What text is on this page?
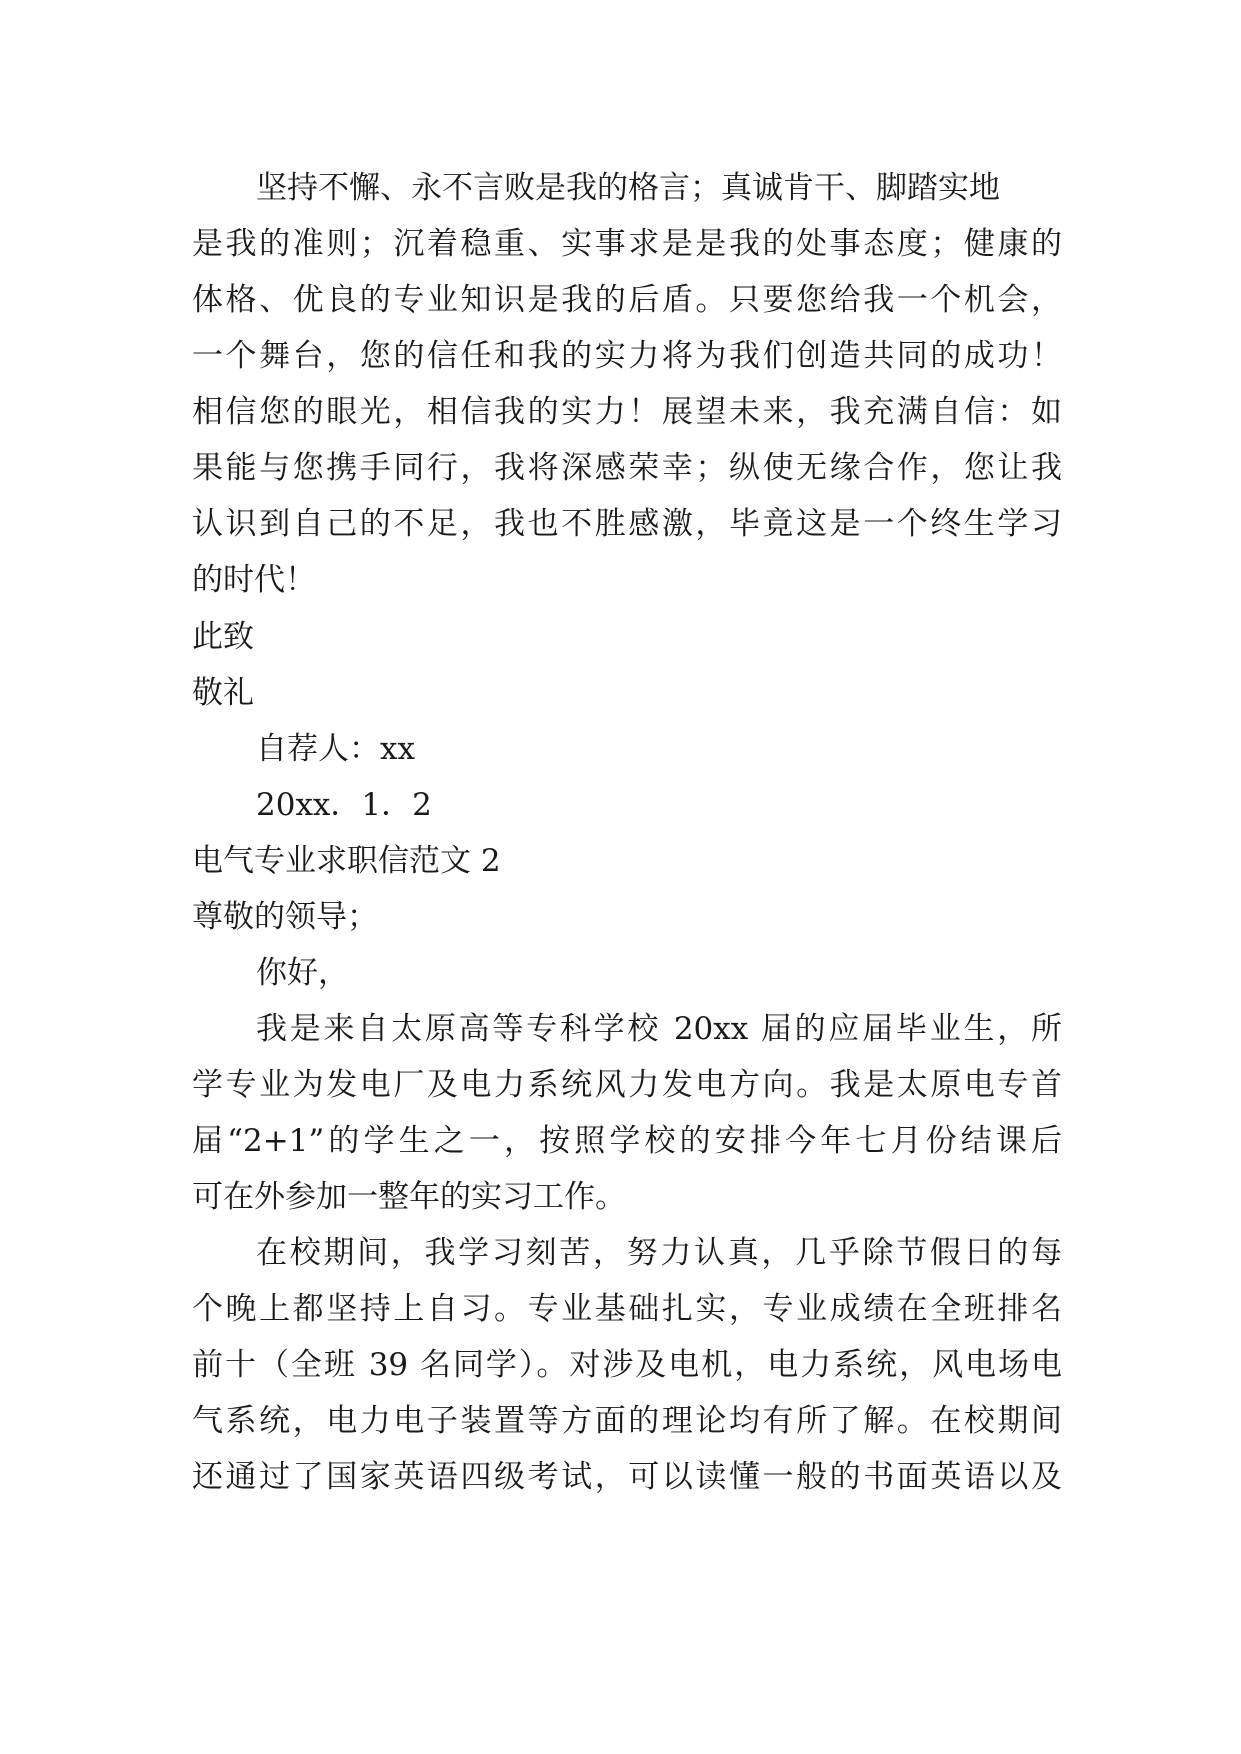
坚持不懈、永不言败是我的格言；真诚肯干、脚踏实地
是我的准则；沉着稳重、实事求是是我的处事态度；健康的
体格、优良的专业知识是我的后盾。只要您给我一个机会，
一个舞台，您的信任和我的实力将为我们创造共同的成功！
相信您的眼光，相信我的实力！展望未来，我充满自信：如
果能与您携手同行，我将深感荣幸；纵使无缘合作，您让我
认识到自己的不足，我也不胜感激，毕竟这是一个终生学习
的时代！
此致
敬礼
自荐人：xx
20xx．1．2
电气专业求职信范文 2
尊敬的领导；
你好，
我是来自太原高等专科学校 20xx 届的应届毕业生，所
学专业为发电厂及电力系统风力发电方向。我是太原电专首
届“2+1”的学生之一，按照学校的安排今年七月份结课后
可在外参加一整年的实习工作。
在校期间，我学习刻苦，努力认真，几乎除节假日的每
个晚上都坚持上自习。专业基础扎实，专业成绩在全班排名
前十（全班 39 名同学）。对涉及电机，电力系统，风电场电
气系统，电力电子装置等方面的理论均有所了解。在校期间
还通过了国家英语四级考试，可以读懂一般的书面英语以及
